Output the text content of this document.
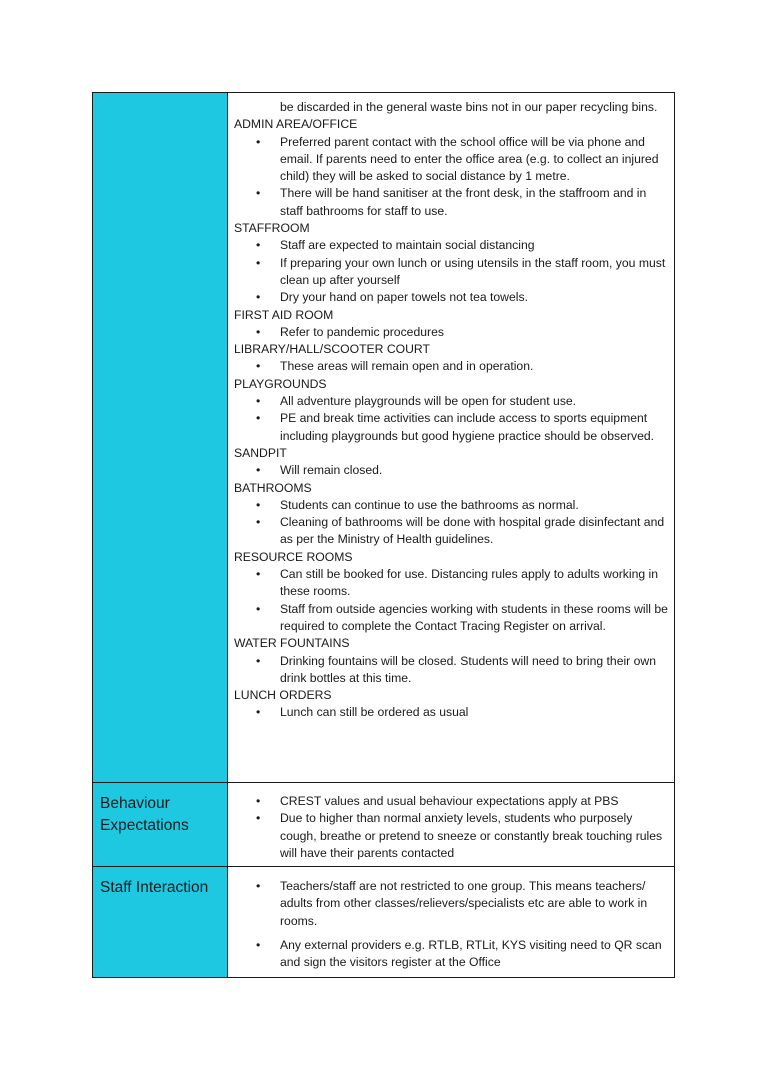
be discarded in the general waste bins not in our paper recycling bins.
ADMIN AREA/OFFICE
• Preferred parent contact with the school office will be via phone and email. If parents need to enter the office area (e.g. to collect an injured child) they will be asked to social distance by 1 metre.
• There will be hand sanitiser at the front desk, in the staffroom and in staff bathrooms for staff to use.
STAFFROOM
• Staff are expected to maintain social distancing
• If preparing your own lunch or using utensils in the staff room, you must clean up after yourself
• Dry your hand on paper towels not tea towels.
FIRST AID ROOM
• Refer to pandemic procedures
LIBRARY/HALL/SCOOTER COURT
• These areas will remain open and in operation.
PLAYGROUNDS
• All adventure playgrounds will be open for student use.
• PE and break time activities can include access to sports equipment including playgrounds but good hygiene practice should be observed.
SANDPIT
• Will remain closed.
BATHROOMS
• Students can continue to use the bathrooms as normal.
• Cleaning of bathrooms will be done with hospital grade disinfectant and as per the Ministry of Health guidelines.
RESOURCE ROOMS
• Can still be booked for use. Distancing rules apply to adults working in these rooms.
• Staff from outside agencies working with students in these rooms will be required to complete the Contact Tracing Register on arrival.
WATER FOUNTAINS
• Drinking fountains will be closed. Students will need to bring their own drink bottles at this time.
LUNCH ORDERS
• Lunch can still be ordered as usual
Behaviour Expectations
• CREST values and usual behaviour expectations apply at PBS
• Due to higher than normal anxiety levels, students who purposely cough, breathe or pretend to sneeze or constantly break touching rules will have their parents contacted
Staff Interaction
•	Teachers/staff are not restricted to one group. This means teachers/ adults from other classes/relievers/specialists etc are able to work in rooms.
• Any external providers e.g. RTLB, RTLit, KYS visiting need to QR scan and sign the visitors register at the Office
